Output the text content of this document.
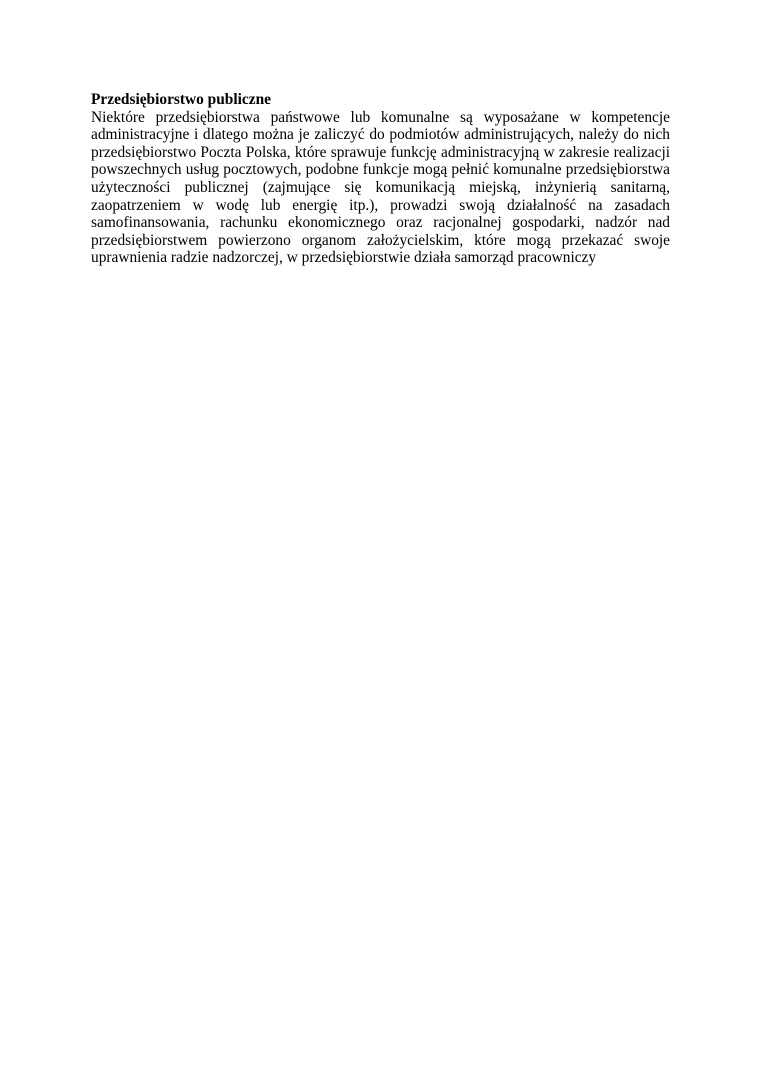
Przedsiębiorstwo publiczne
Niektóre przedsiębiorstwa państwowe lub komunalne są wyposażane w kompetencje
administracyjne i dlatego można je zaliczyć do podmiotów administrujących, należy do nich
przedsiębiorstwo Poczta Polska, które sprawuje funkcję administracyjną w zakresie realizacji
powszechnych usług pocztowych, podobne funkcje mogą pełnić komunalne przedsiębiorstwa
użyteczności publicznej (zajmujące się komunikacją miejską, inżynierią sanitarną,
zaopatrzeniem w wodę lub energię itp.), prowadzi swoją działalność na zasadach
samofinansowania, rachunku ekonomicznego oraz racjonalnej gospodarki, nadzór nad
przedsiębiorstwem powierzono organom założycielskim, które mogą przekazać swoje
uprawnienia radzie nadzorczej, w przedsiębiorstwie działa samorząd pracowniczy
